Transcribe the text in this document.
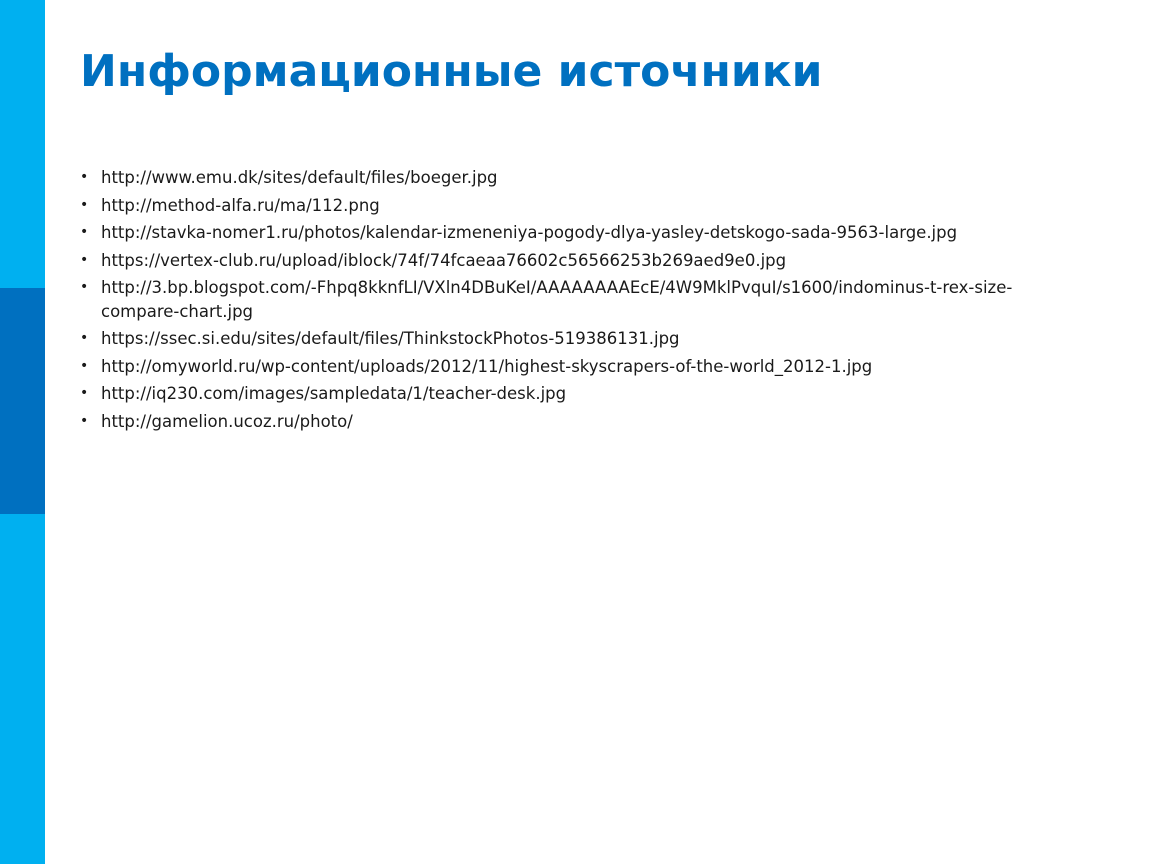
Информационные источники
• http://www.emu.dk/sites/default/files/boeger.jpg
• http://method-alfa.ru/ma/112.png
• http://stavka-nomer1.ru/photos/kalendar-izmeneniya-pogody-dlya-yasley-detskogo-sada-9563-large.jpg
• https://vertex-club.ru/upload/iblock/74f/74fcaeaa76602c56566253b269aed9e0.jpg
• http://3.bp.blogspot.com/-Fhpq8kknfLI/VXln4DBuKeI/AAAAAAAAEcE/4W9MklPvquI/s1600/indominus-t-rex-size-compare-chart.jpg
• https://ssec.si.edu/sites/default/files/ThinkstockPhotos-519386131.jpg
• http://omyworld.ru/wp-content/uploads/2012/11/highest-skyscrapers-of-the-world_2012-1.jpg
• http://iq230.com/images/sampledata/1/teacher-desk.jpg
• http://gamelion.ucoz.ru/photo/
